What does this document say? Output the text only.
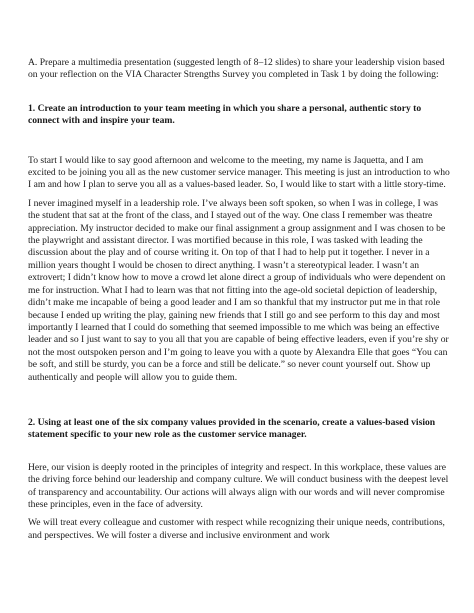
A. Prepare a multimedia presentation (suggested length of 8–12 slides) to share your leadership vision based on your reflection on the VIA Character Strengths Survey you completed in Task 1 by doing the following:

1. Create an introduction to your team meeting in which you share a personal, authentic story to connect with and inspire your team.

To start I would like to say good afternoon and welcome to the meeting, my name is Jaquetta, and I am excited to be joining you all as the new customer service manager. This meeting is just an introduction to who I am and how I plan to serve you all as a values-based leader. So, I would like to start with a little story-time.

I never imagined myself in a leadership role. I’ve always been soft spoken, so when I was in college, I was the student that sat at the front of the class, and I stayed out of the way. One class I remember was theatre appreciation. My instructor decided to make our final assignment a group assignment and I was chosen to be the playwright and assistant director. I was mortified because in this role, I was tasked with leading the discussion about the play and of course writing it. On top of that I had to help put it together. I never in a million years thought I would be chosen to direct anything. I wasn’t a stereotypical leader. I wasn’t an extrovert; I didn’t know how to move a crowd let alone direct a group of individuals who were dependent on me for instruction. What I had to learn was that not fitting into the age-old societal depiction of leadership, didn’t make me incapable of being a good leader and I am so thankful that my instructor put me in that role because I ended up writing the play, gaining new friends that I still go and see perform to this day and most importantly I learned that I could do something that seemed impossible to me which was being an effective leader and so I just want to say to you all that you are capable of being effective leaders, even if you’re shy or not the most outspoken person and I’m going to leave you with a quote by Alexandra Elle that goes “You can be soft, and still be sturdy, you can be a force and still be delicate.” so never count yourself out. Show up authentically and people will allow you to guide them.

2. Using at least one of the six company values provided in the scenario, create a values-based vision statement specific to your new role as the customer service manager.

Here, our vision is deeply rooted in the principles of integrity and respect. In this workplace, these values are the driving force behind our leadership and company culture. We will conduct business with the deepest level of transparency and accountability. Our actions will always align with our words and will never compromise these principles, even in the face of adversity.

We will treat every colleague and customer with respect while recognizing their unique needs, contributions, and perspectives. We will foster a diverse and inclusive environment and work
